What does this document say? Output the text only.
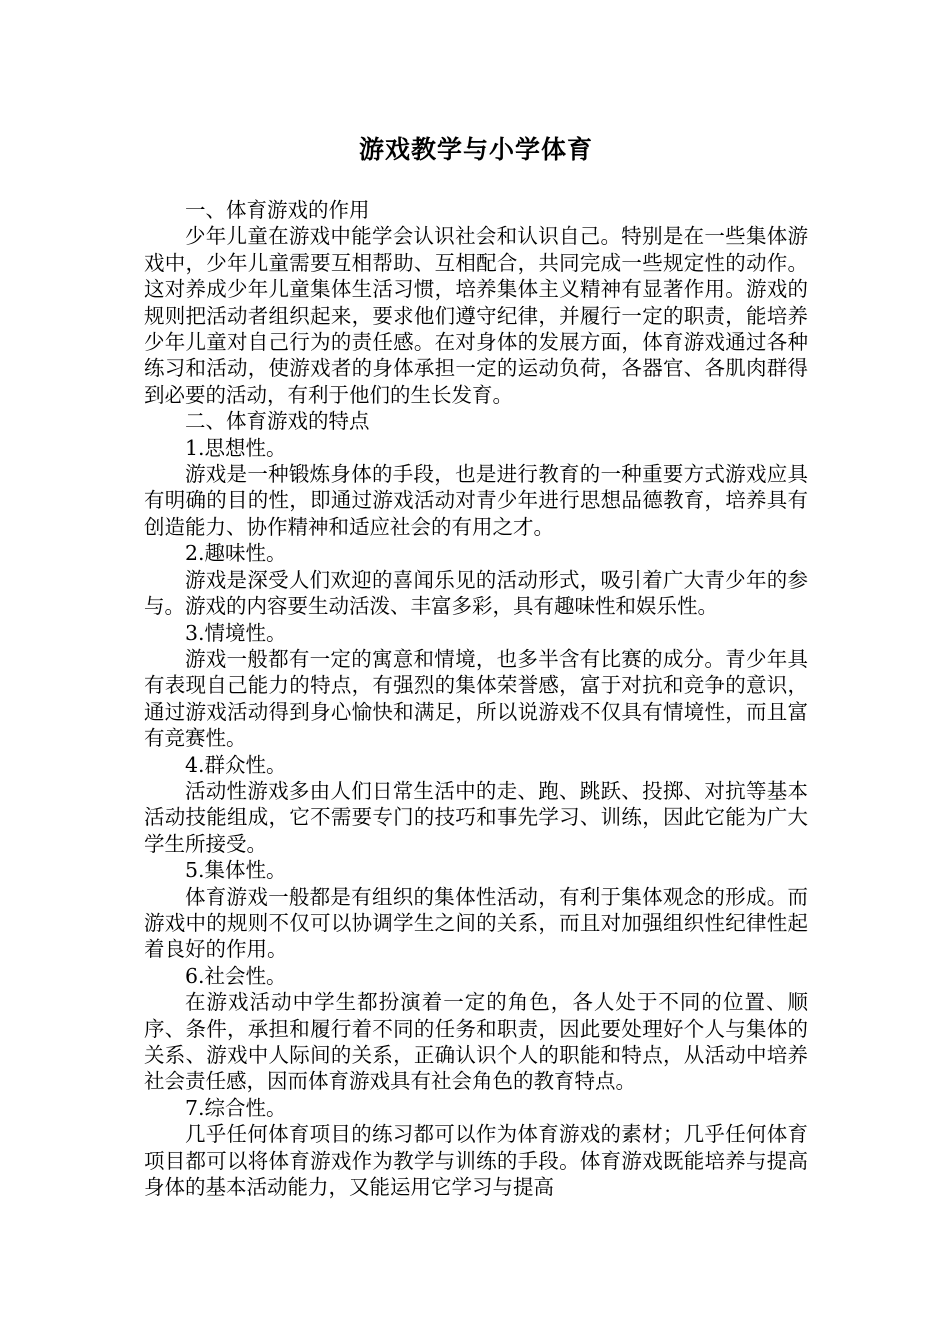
游戏教学与小学体育

一、体育游戏的作用

少年儿童在游戏中能学会认识社会和认识自己。特别是在一些集体游戏中，少年儿童需要互相帮助、互相配合，共同完成一些规定性的动作。这对养成少年儿童集体生活习惯，培养集体主义精神有显著作用。游戏的规则把活动者组织起来，要求他们遵守纪律，并履行一定的职责，能培养少年儿童对自己行为的责任感。在对身体的发展方面，体育游戏通过各种练习和活动，使游戏者的身体承担一定的运动负荷，各器官、各肌肉群得到必要的活动，有利于他们的生长发育。

二、体育游戏的特点

1.思想性。

游戏是一种锻炼身体的手段，也是进行教育的一种重要方式游戏应具有明确的目的性，即通过游戏活动对青少年进行思想品德教育，培养具有创造能力、协作精神和适应社会的有用之才。

2.趣味性。

游戏是深受人们欢迎的喜闻乐见的活动形式，吸引着广大青少年的参与。游戏的内容要生动活泼、丰富多彩，具有趣味性和娱乐性。

3.情境性。

游戏一般都有一定的寓意和情境，也多半含有比赛的成分。青少年具有表现自己能力的特点，有强烈的集体荣誉感，富于对抗和竞争的意识，通过游戏活动得到身心愉快和满足，所以说游戏不仅具有情境性，而且富有竞赛性。

4.群众性。

活动性游戏多由人们日常生活中的走、跑、跳跃、投掷、对抗等基本活动技能组成，它不需要专门的技巧和事先学习、训练，因此它能为广大学生所接受。

5.集体性。

体育游戏一般都是有组织的集体性活动，有利于集体观念的形成。而游戏中的规则不仅可以协调学生之间的关系，而且对加强组织性纪律性起着良好的作用。

6.社会性。

在游戏活动中学生都扮演着一定的角色，各人处于不同的位置、顺序、条件，承担和履行着不同的任务和职责，因此要处理好个人与集体的关系、游戏中人际间的关系，正确认识个人的职能和特点，从活动中培养社会责任感，因而体育游戏具有社会角色的教育特点。

7.综合性。

几乎任何体育项目的练习都可以作为体育游戏的素材；几乎任何体育项目都可以将体育游戏作为教学与训练的手段。体育游戏既能培养与提高身体的基本活动能力，又能运用它学习与提高
